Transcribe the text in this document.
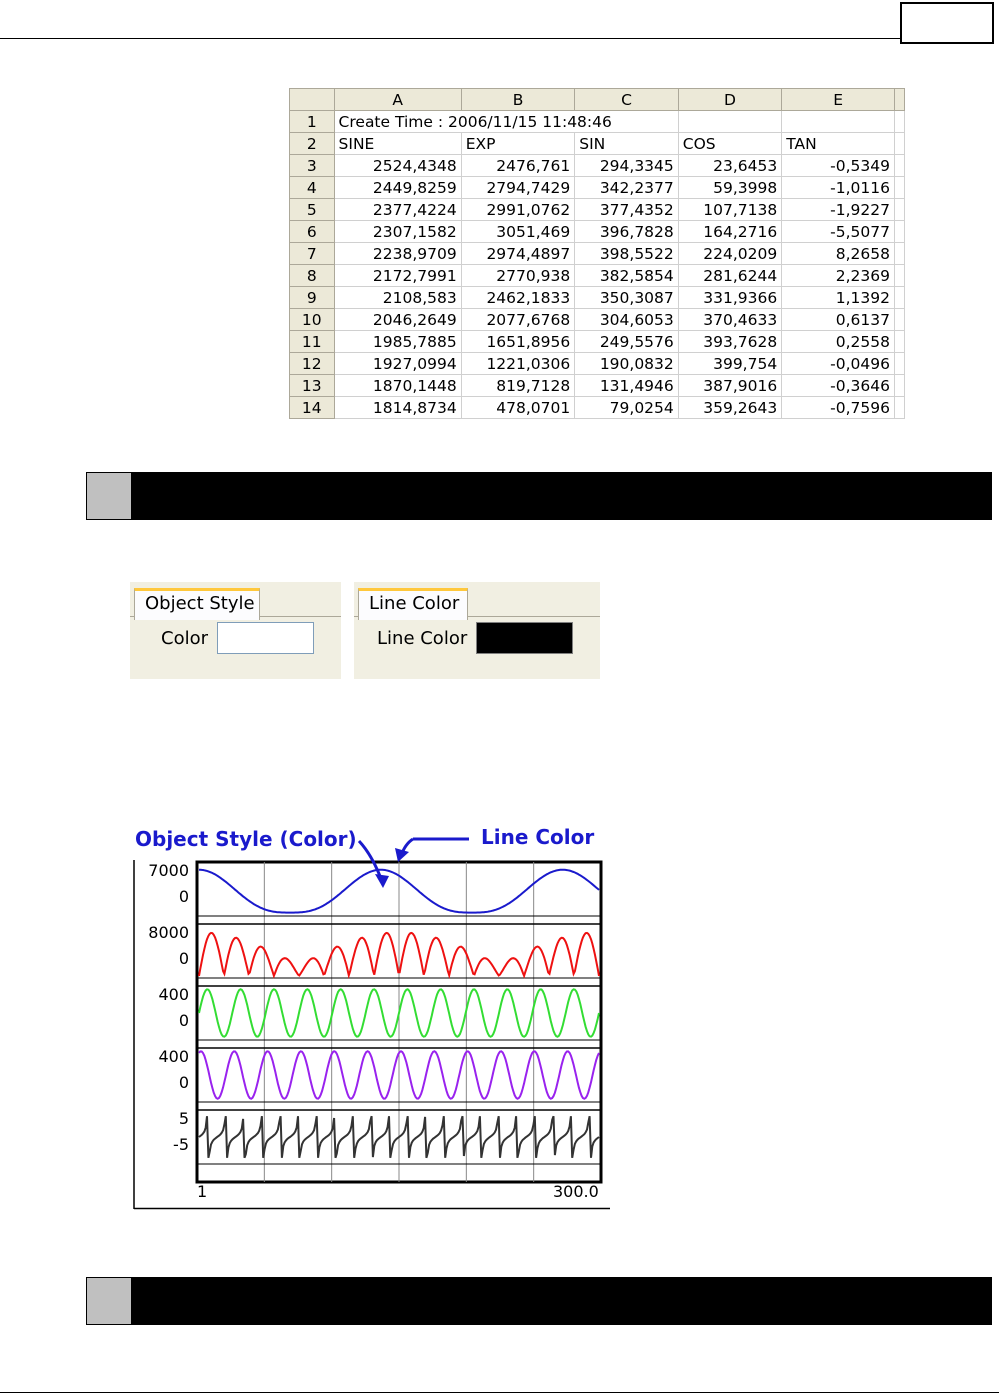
	A	B	C	D	E	
1	Create Time : 2006/11/15 11:48:46					
2	SINE	EXP	SIN	COS	TAN	
3	2524,4348	2476,761	294,3345	23,6453	-0,5349	
4	2449,8259	2794,7429	342,2377	59,3998	-1,0116	
5	2377,4224	2991,0762	377,4352	107,7138	-1,9227	
6	2307,1582	3051,469	396,7828	164,2716	-5,5077	
7	2238,9709	2974,4897	398,5522	224,0209	8,2658	
8	2172,7991	2770,938	382,5854	281,6244	2,2369	
9	2108,583	2462,1833	350,3087	331,9366	1,1392	
10	2046,2649	2077,6768	304,6053	370,4633	0,6137	
11	1985,7885	1651,8956	249,5576	393,7628	0,2558	
12	1927,0994	1221,0306	190,0832	399,754	-0,0496	
13	1870,1448	819,7128	131,4946	387,9016	-0,3646	
14	1814,8734	478,0701	79,0254	359,2643	-0,7596	
Object Style
Color
Line Color
Line Color
7000
0
8000
0
400
0
400
0
5
-5
Object Style (Color)	Line Color
1	300.0
